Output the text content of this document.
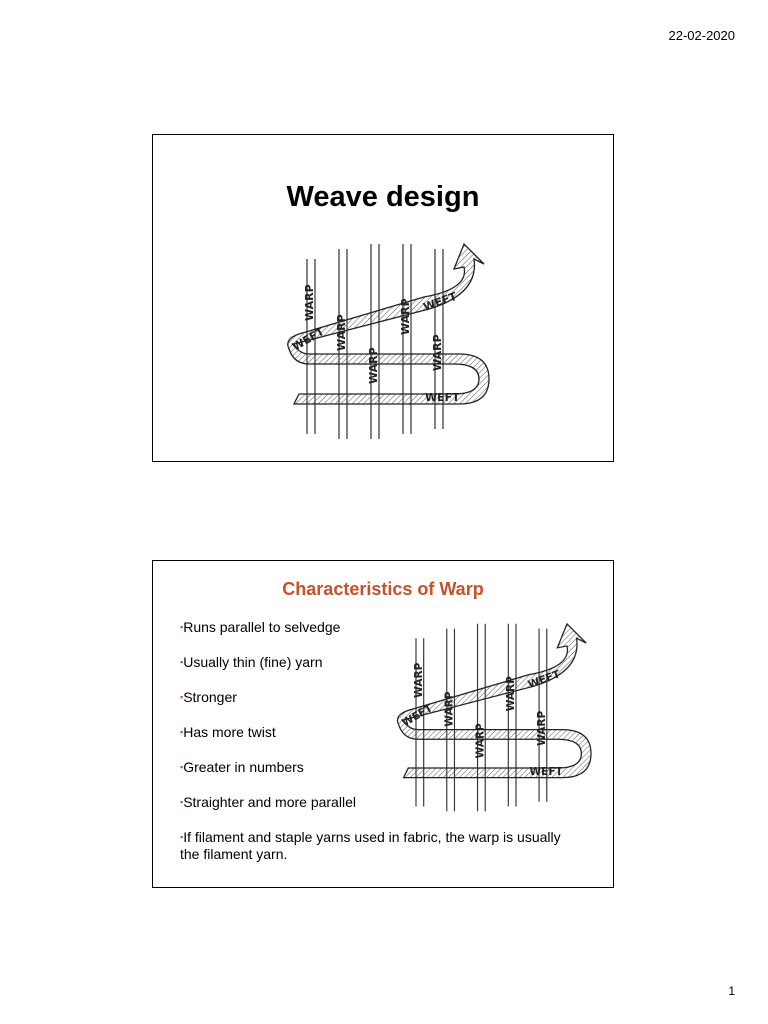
22-02-2020
Weave design
WARP
WARP
WARP
WARP
WARP
WEFT
WEFT
WEFT
Characteristics of Warp
▪Runs parallel to selvedge
▪Usually thin (fine) yarn
▪Stronger
▪Has more twist
▪Greater in numbers
▪Straighter and more parallel
WARP
WARP
WARP
WARP
WARP
WEFT
WEFT
WEFT
▪If filament and staple yarns used in fabric, the warp is usually the filament yarn.
1
